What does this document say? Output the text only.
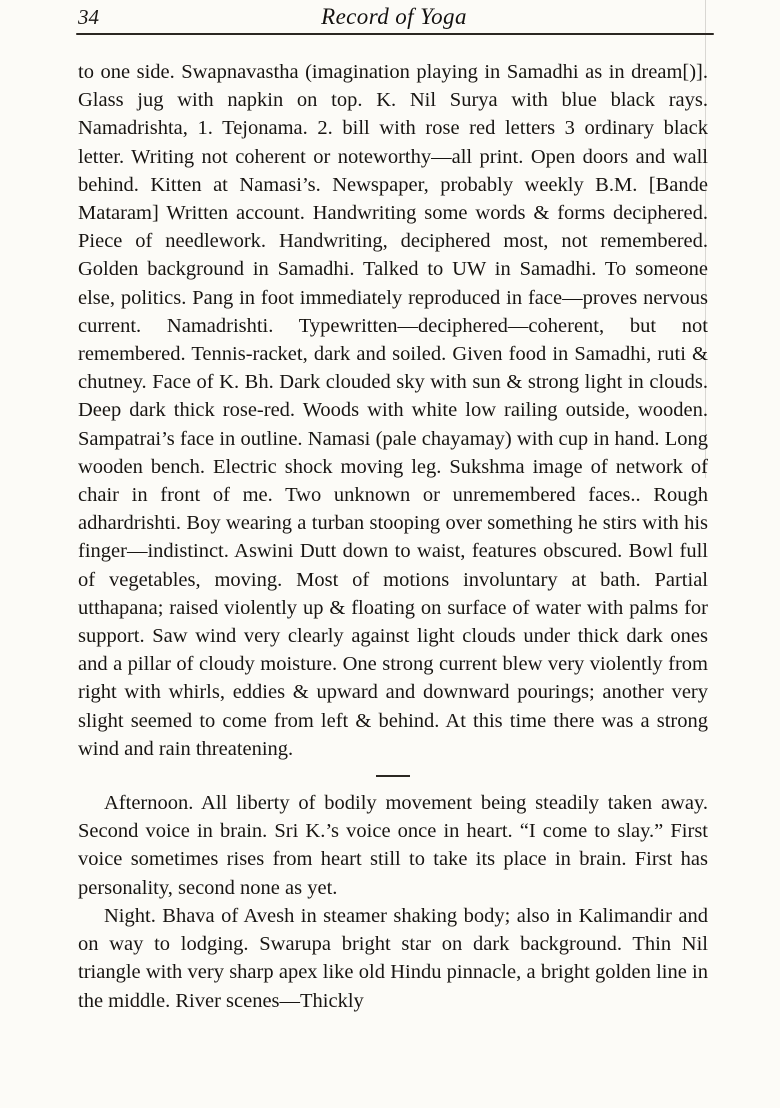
34	Record of Yoga

to one side. Swapnavastha (imagination playing in Samadhi as in dream[)]. Glass jug with napkin on top. K. Nil Surya with blue black rays. Namadrishta, 1. Tejonama. 2. bill with rose red letters 3 ordinary black letter. Writing not coherent or noteworthy—all print. Open doors and wall behind. Kitten at Namasi’s. Newspaper, probably weekly B.M. [Bande Mataram] Written account. Handwriting some words & forms deciphered. Piece of needlework. Handwriting, deciphered most, not remembered. Golden background in Samadhi. Talked to UW in Samadhi. To someone else, politics. Pang in foot immediately reproduced in face—proves nervous current. Namadrishti. Typewritten—deciphered—coherent, but not remembered. Tennis-racket, dark and soiled. Given food in Samadhi, ruti & chutney. Face of K. Bh. Dark clouded sky with sun & strong light in clouds. Deep dark thick rose-red. Woods with white low railing outside, wooden. Sampatrai’s face in outline. Namasi (pale chayamay) with cup in hand. Long wooden bench. Electric shock moving leg. Sukshma image of network of chair in front of me. Two unknown or unremembered faces.. Rough adhardrishti. Boy wearing a turban stooping over something he stirs with his finger—indistinct. Aswini Dutt down to waist, features obscured. Bowl full of vegetables, moving. Most of motions involuntary at bath. Partial utthapana; raised violently up & floating on surface of water with palms for support. Saw wind very clearly against light clouds under thick dark ones and a pillar of cloudy moisture. One strong current blew very violently from right with whirls, eddies & upward and downward pourings; another very slight seemed to come from left & behind. At this time there was a strong wind and rain threatening.

Afternoon. All liberty of bodily movement being steadily taken away. Second voice in brain. Sri K.’s voice once in heart. “I come to slay.” First voice sometimes rises from heart still to take its place in brain. First has personality, second none as yet.

Night. Bhava of Avesh in steamer shaking body; also in Kalimandir and on way to lodging. Swarupa bright star on dark background. Thin Nil triangle with very sharp apex like old Hindu pinnacle, a bright golden line in the middle. River scenes—Thickly
